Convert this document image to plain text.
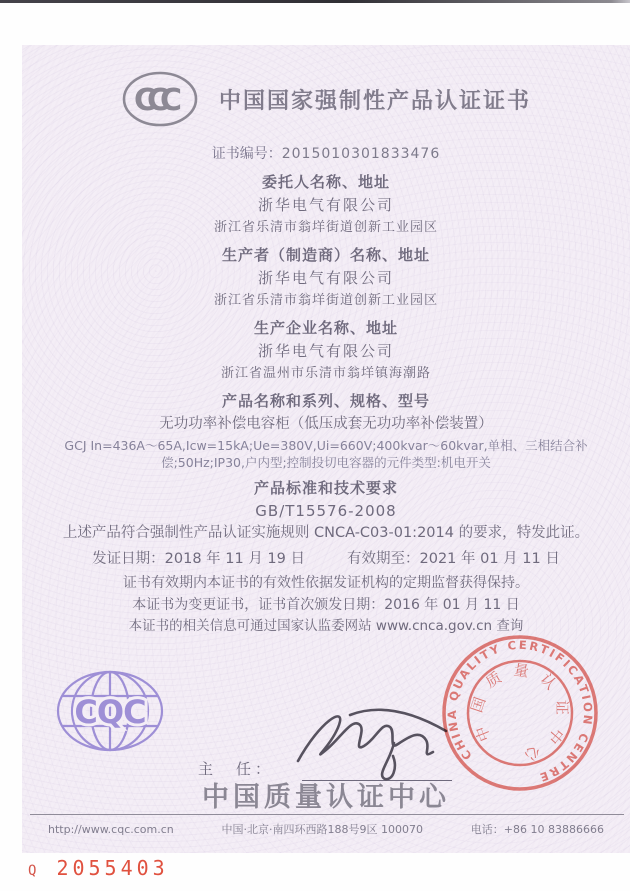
CCC	中国国家强制性产品认证证书
证书编号：2015010301833476
委托人名称、地址
浙华电气有限公司
浙江省乐清市翁垟街道创新工业园区
生产者（制造商）名称、地址
浙华电气有限公司
浙江省乐清市翁垟街道创新工业园区
生产企业名称、地址
浙华电气有限公司
浙江省温州市乐清市翁垟镇海潮路
产品名称和系列、规格、型号
无功功率补偿电容柜（低压成套无功功率补偿装置）
GCJ In=436A～65A,Icw=15kA;Ue=380V,Ui=660V;400kvar～60kvar,单相、三相结合补偿;50Hz;IP30,户内型;控制投切电容器的元件类型:机电开关
产品标准和技术要求
GB/T15576-2008
上述产品符合强制性产品认证实施规则 CNCA-C03-01:2014 的要求，特发此证。
发证日期：2018 年 11 月 19 日	有效期至：2021 年 01 月 11 日
证书有效期内本证书的有效性依据发证机构的定期监督获得保持。
本证书为变更证书，证书首次颁发日期：2016 年 01 月 11 日
本证书的相关信息可通过国家认监委网站 www.cnca.gov.cn 查询
CQC
主　任：
CHINA QUALITY CERTIFICATION CENTRE
中国质量认证中心
中国质量认证中心
http://www.cqc.com.cn	中国·北京·南四环西路188号9区 100070	电话：+86 10 83886666
Q 2055403
